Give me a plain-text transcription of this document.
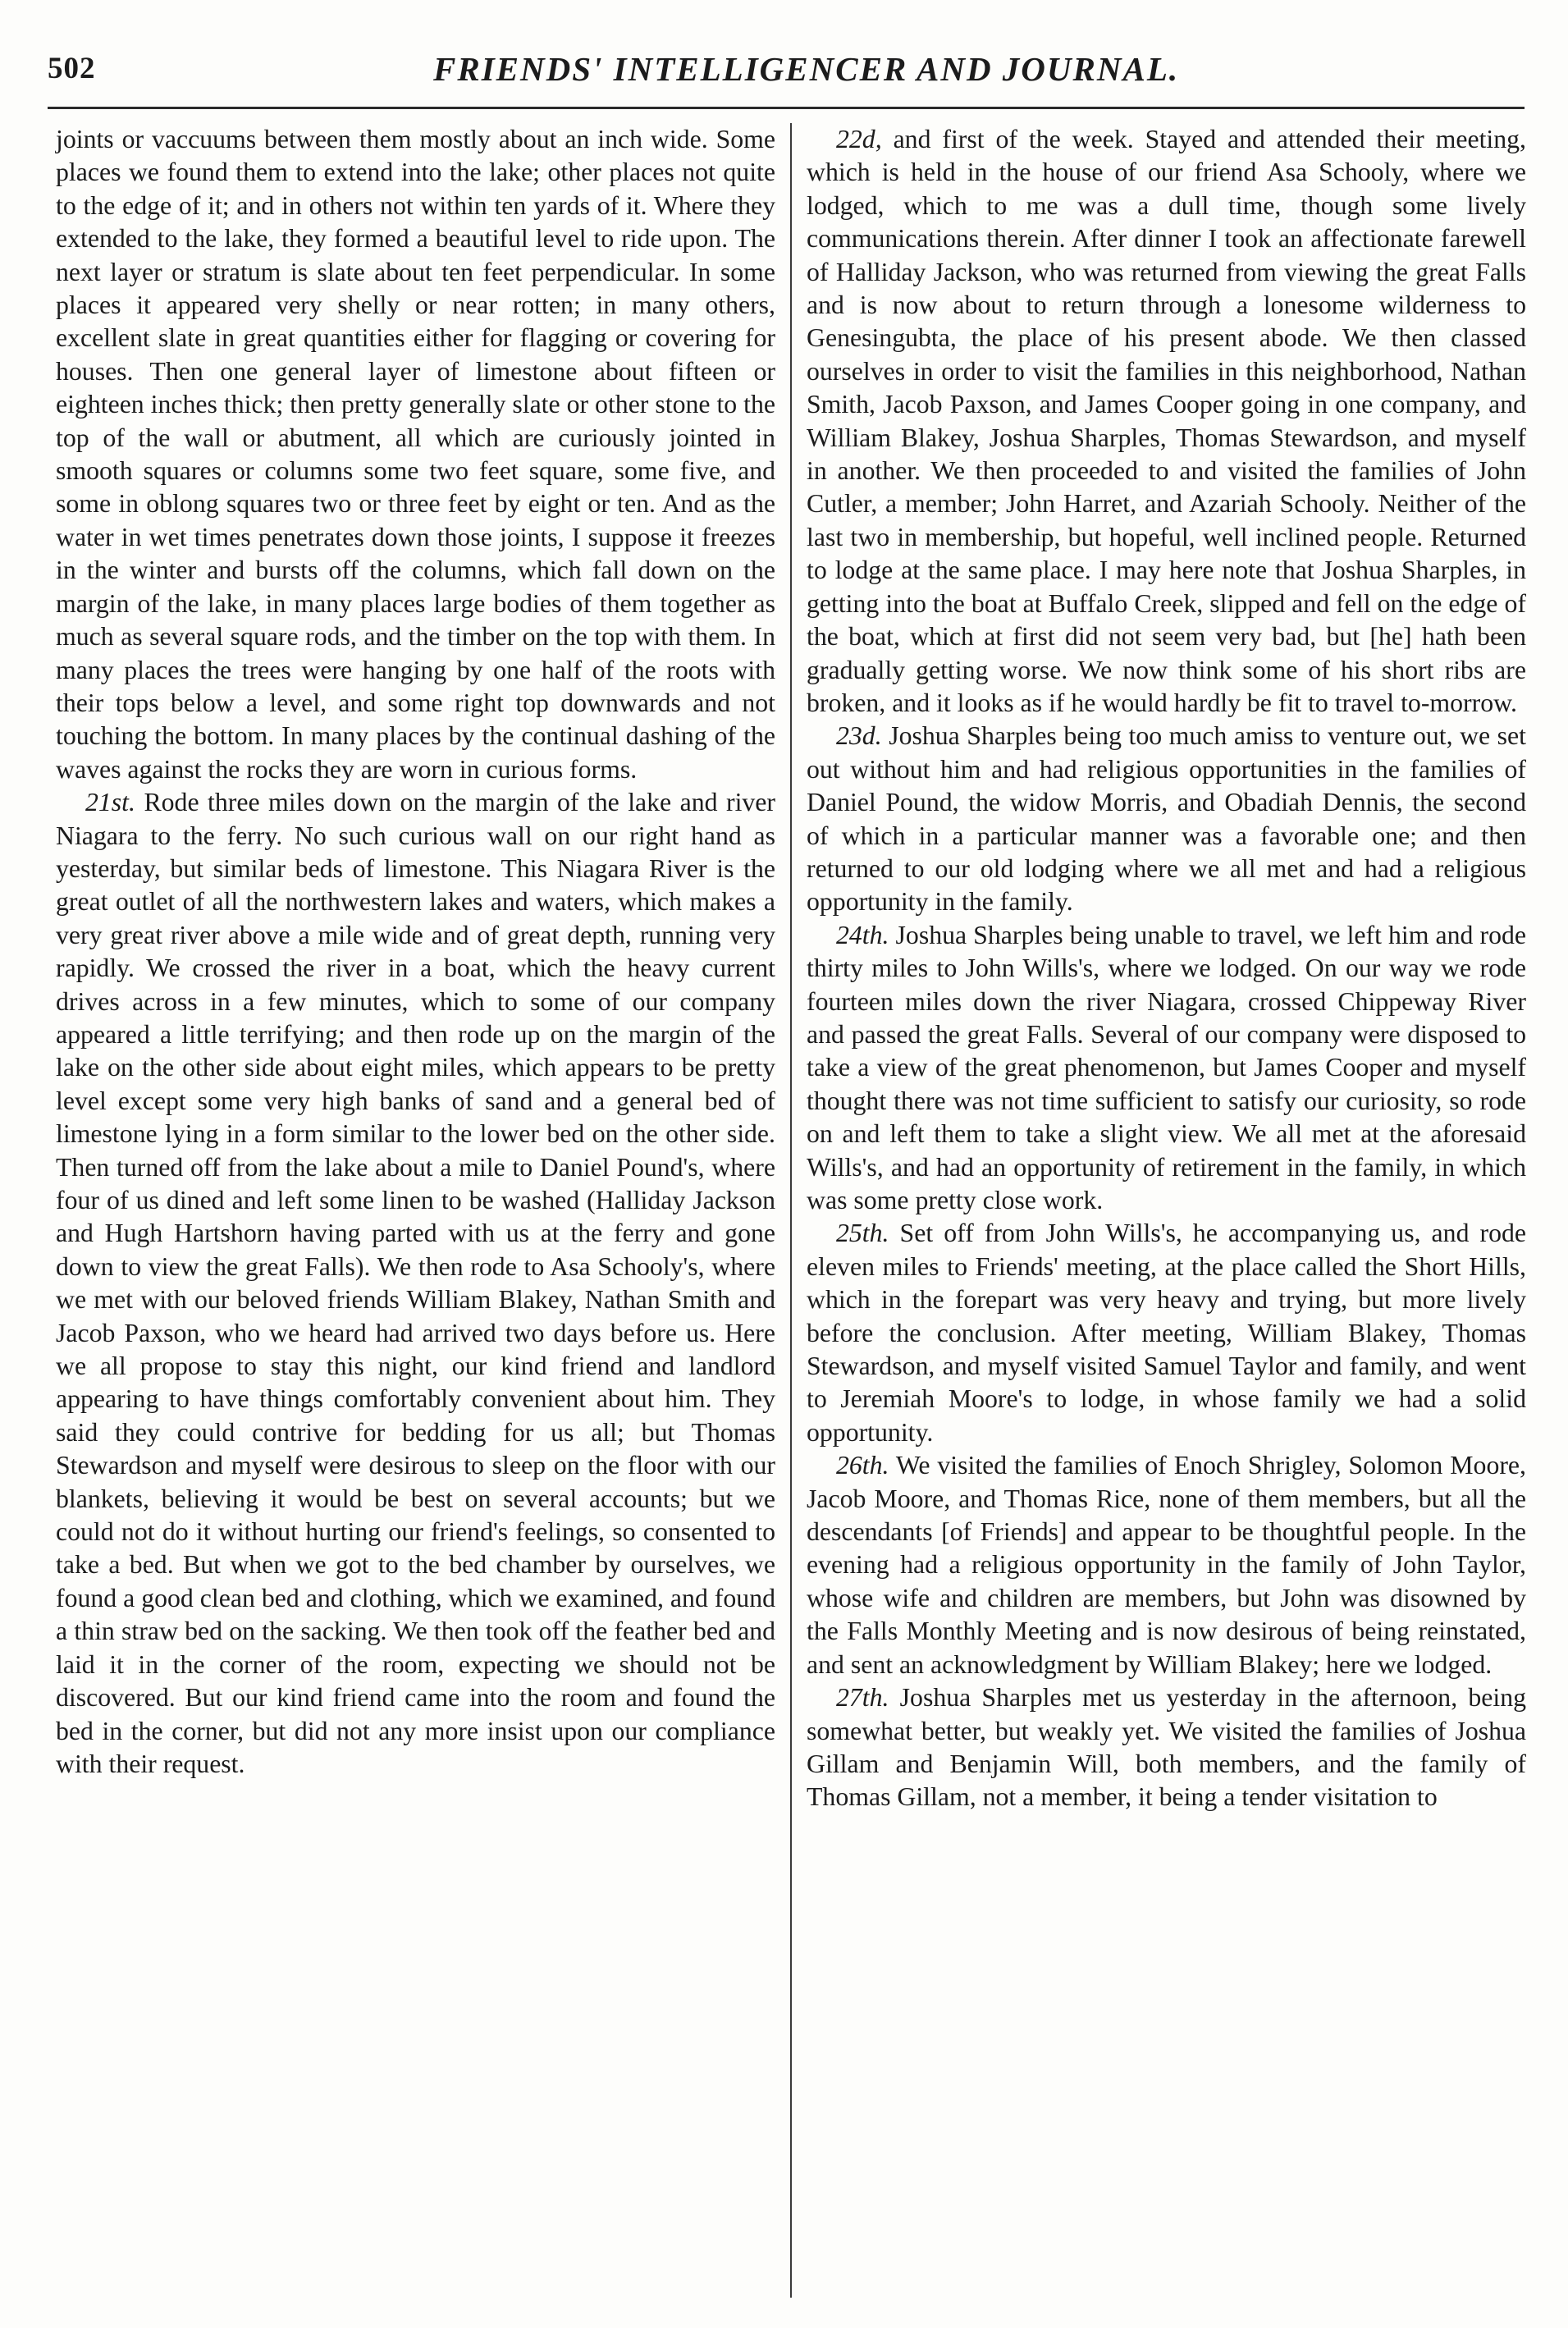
502	FRIENDS' INTELLIGENCER AND JOURNAL.

joints or vaccuums between them mostly about an inch wide. Some places we found them to extend into the lake; other places not quite to the edge of it; and in others not within ten yards of it. Where they extended to the lake, they formed a beautiful level to ride upon. The next layer or stratum is slate about ten feet perpendicular. In some places it appeared very shelly or near rotten; in many others, excellent slate in great quantities either for flagging or covering for houses. Then one general layer of limestone about fifteen or eighteen inches thick; then pretty generally slate or other stone to the top of the wall or abutment, all which are curiously jointed in smooth squares or columns some two feet square, some five, and some in oblong squares two or three feet by eight or ten. And as the water in wet times penetrates down those joints, I suppose it freezes in the winter and bursts off the columns, which fall down on the margin of the lake, in many places large bodies of them together as much as several square rods, and the timber on the top with them. In many places the trees were hanging by one half of the roots with their tops below a level, and some right top downwards and not touching the bottom. In many places by the continual dashing of the waves against the rocks they are worn in curious forms.

21st. Rode three miles down on the margin of the lake and river Niagara to the ferry. No such curious wall on our right hand as yesterday, but similar beds of limestone. This Niagara River is the great outlet of all the northwestern lakes and waters, which makes a very great river above a mile wide and of great depth, running very rapidly. We crossed the river in a boat, which the heavy current drives across in a few minutes, which to some of our company appeared a little terrifying; and then rode up on the margin of the lake on the other side about eight miles, which appears to be pretty level except some very high banks of sand and a general bed of limestone lying in a form similar to the lower bed on the other side. Then turned off from the lake about a mile to Daniel Pound's, where four of us dined and left some linen to be washed (Halliday Jackson and Hugh Hartshorn having parted with us at the ferry and gone down to view the great Falls). We then rode to Asa Schooly's, where we met with our beloved friends William Blakey, Nathan Smith and Jacob Paxson, who we heard had arrived two days before us. Here we all propose to stay this night, our kind friend and landlord appearing to have things comfortably convenient about him. They said they could contrive for bedding for us all; but Thomas Stewardson and myself were desirous to sleep on the floor with our blankets, believing it would be best on several accounts; but we could not do it without hurting our friend's feelings, so consented to take a bed. But when we got to the bed chamber by ourselves, we found a good clean bed and clothing, which we examined, and found a thin straw bed on the sacking. We then took off the feather bed and laid it in the corner of the room, expecting we should not be discovered. But our kind friend came into the room and found the bed in the corner, but did not any more insist upon our compliance with their request.

22d, and first of the week. Stayed and attended their meeting, which is held in the house of our friend Asa Schooly, where we lodged, which to me was a dull time, though some lively communications therein. After dinner I took an affectionate farewell of Halliday Jackson, who was returned from viewing the great Falls and is now about to return through a lonesome wilderness to Genesingubta, the place of his present abode. We then classed ourselves in order to visit the families in this neighborhood, Nathan Smith, Jacob Paxson, and James Cooper going in one company, and William Blakey, Joshua Sharples, Thomas Stewardson, and myself in another. We then proceeded to and visited the families of John Cutler, a member; John Harret, and Azariah Schooly. Neither of the last two in membership, but hopeful, well inclined people. Returned to lodge at the same place. I may here note that Joshua Sharples, in getting into the boat at Buffalo Creek, slipped and fell on the edge of the boat, which at first did not seem very bad, but [he] hath been gradually getting worse. We now think some of his short ribs are broken, and it looks as if he would hardly be fit to travel to-morrow.

23d. Joshua Sharples being too much amiss to venture out, we set out without him and had religious opportunities in the families of Daniel Pound, the widow Morris, and Obadiah Dennis, the second of which in a particular manner was a favorable one; and then returned to our old lodging where we all met and had a religious opportunity in the family.

24th. Joshua Sharples being unable to travel, we left him and rode thirty miles to John Wills's, where we lodged. On our way we rode fourteen miles down the river Niagara, crossed Chippeway River and passed the great Falls. Several of our company were disposed to take a view of the great phenomenon, but James Cooper and myself thought there was not time sufficient to satisfy our curiosity, so rode on and left them to take a slight view. We all met at the aforesaid Wills's, and had an opportunity of retirement in the family, in which was some pretty close work.

25th. Set off from John Wills's, he accompanying us, and rode eleven miles to Friends' meeting, at the place called the Short Hills, which in the forepart was very heavy and trying, but more lively before the conclusion. After meeting, William Blakey, Thomas Stewardson, and myself visited Samuel Taylor and family, and went to Jeremiah Moore's to lodge, in whose family we had a solid opportunity.

26th. We visited the families of Enoch Shrigley, Solomon Moore, Jacob Moore, and Thomas Rice, none of them members, but all the descendants [of Friends] and appear to be thoughtful people. In the evening had a religious opportunity in the family of John Taylor, whose wife and children are members, but John was disowned by the Falls Monthly Meeting and is now desirous of being reinstated, and sent an acknowledgment by William Blakey; here we lodged.

27th. Joshua Sharples met us yesterday in the afternoon, being somewhat better, but weakly yet. We visited the families of Joshua Gillam and Benjamin Will, both members, and the family of Thomas Gillam, not a member, it being a tender visitation to
